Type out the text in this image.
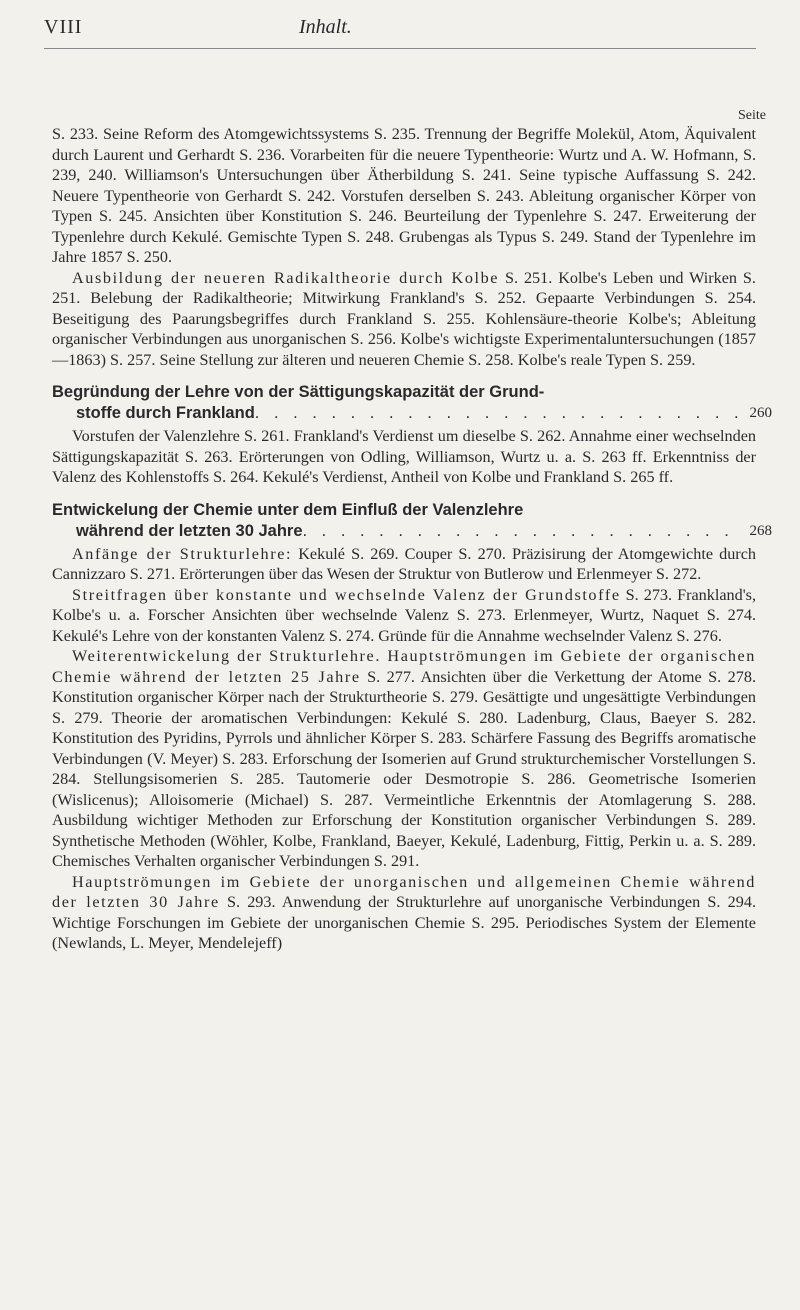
VIII	Inhalt.
Seite

S. 233. Seine Reform des Atomgewichtssystems S. 235. Trennung der Begriffe Molekül, Atom, Äquivalent durch Laurent und Gerhardt S. 236. Vorarbeiten für die neuere Typentheorie: Wurtz und A. W. Hofmann, S. 239, 240. Williamson's Untersuchungen über Ätherbildung S. 241. Seine typische Auffassung S. 242. Neuere Typentheorie von Gerhardt S. 242. Vorstufen derselben S. 243. Ableitung organischer Körper von Typen S. 245. Ansichten über Konstitution S. 246. Beurteilung der Typenlehre S. 247. Erweiterung der Typenlehre durch Kekulé. Gemischte Typen S. 248. Grubengas als Typus S. 249. Stand der Typenlehre im Jahre 1857 S. 250.

Ausbildung der neueren Radikaltheorie durch Kolbe S. 251. Kolbe's Leben und Wirken S. 251. Belebung der Radikaltheorie; Mitwirkung Frankland's S. 252. Gepaarte Verbindungen S. 254. Beseitigung des Paarungsbegriffes durch Frankland S. 255. Kohlensäure-theorie Kolbe's; Ableitung organischer Verbindungen aus unorganischen S. 256. Kolbe's wichtigste Experimentaluntersuchungen (1857—1863) S. 257. Seine Stellung zur älteren und neueren Chemie S. 258. Kolbe's reale Typen S. 259.

Begründung der Lehre von der Sättigungskapazität der Grund-
stoffe durch Frankland . . .	260

Vorstufen der Valenzlehre S. 261. Frankland's Verdienst um dieselbe S. 262. Annahme einer wechselnden Sättigungskapazität S. 263. Erörterungen von Odling, Williamson, Wurtz u. a. S. 263 ff. Erkenntniss der Valenz des Kohlenstoffs S. 264. Kekulé's Verdienst, Antheil von Kolbe und Frankland S. 265 ff.

Entwickelung der Chemie unter dem Einfluß der Valenzlehre
während der letzten 30 Jahre . . .	268

Anfänge der Strukturlehre: Kekulé S. 269. Couper S. 270. Präzisirung der Atomgewichte durch Cannizzaro S. 271. Erörterungen über das Wesen der Struktur von Butlerow und Erlenmeyer S. 272.

Streitfragen über konstante und wechselnde Valenz der Grundstoffe S. 273. Frankland's, Kolbe's u. a. Forscher Ansichten über wechselnde Valenz S. 273. Erlenmeyer, Wurtz, Naquet S. 274. Kekulé's Lehre von der konstanten Valenz S. 274. Gründe für die Annahme wechselnder Valenz S. 276.

Weiterentwickelung der Strukturlehre. Hauptströmungen im Gebiete der organischen Chemie während der letzten 25 Jahre S. 277. Ansichten über die Verkettung der Atome S. 278. Konstitution organischer Körper nach der Strukturtheorie S. 279. Gesättigte und ungesättigte Verbindungen S. 279. Theorie der aromatischen Verbindungen: Kekulé S. 280. Ladenburg, Claus, Baeyer S. 282. Konstitution des Pyridins, Pyrrols und ähnlicher Körper S. 283. Schärfere Fassung des Begriffs aromatische Verbindungen (V. Meyer) S. 283. Erforschung der Isomerien auf Grund strukturchemischer Vorstellungen S. 284. Stellungsisomerien S. 285. Tautomerie oder Desmotropie S. 286. Geometrische Isomerien (Wislicenus); Alloisomerie (Michael) S. 287. Vermeintliche Erkenntnis der Atomlagerung S. 288. Ausbildung wichtiger Methoden zur Erforschung der Konstitution organischer Verbindungen S. 289. Synthetische Methoden (Wöhler, Kolbe, Frankland, Baeyer, Kekulé, Ladenburg, Fittig, Perkin u. a. S. 289. Chemisches Verhalten organischer Verbindungen S. 291.

Hauptströmungen im Gebiete der unorganischen und allgemeinen Chemie während der letzten 30 Jahre S. 293. Anwendung der Strukturlehre auf unorganische Verbindungen S. 294. Wichtige Forschungen im Gebiete der unorganischen Chemie S. 295. Periodisches System der Elemente (Newlands, L. Meyer, Mendelejeff)
